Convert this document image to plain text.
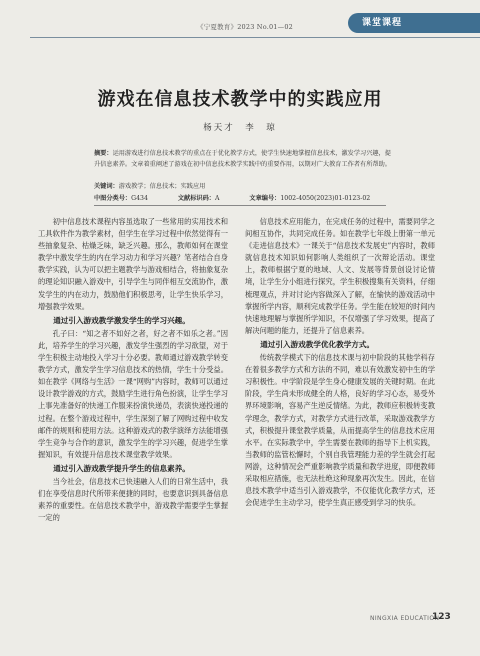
《宁夏教育》2023 No.01—02	课堂课程
游戏在信息技术教学中的实践应用
杨天才　李　琼
摘要：运用游戏进行信息技术教学的重点在于优化教学方式，使学生快速地掌握信息技术，激发学习兴趣，提升信息素养。文章着重阐述了游戏在初中信息技术教学实践中的重要作用，以期对广大教育工作者有所帮助。
关键词：游戏教学；信息技术；实践应用
中图分类号：G434	文献标识码：A	文章编号：1002-4050(2023)01-0123-02

初中信息技术课程内容虽选取了一些常用的实用技术和工具软件作为教学素材，但学生在学习过程中依然觉得有一些抽象复杂、枯燥乏味，缺乏兴趣。那么，教师如何在课堂教学中激发学生的内在学习动力和学习兴趣？笔者结合自身教学实践，认为可以把主题教学与游戏相结合，将抽象复杂的理论知识融入游戏中，引导学生与同伴相互交流协作，激发学生的内在动力，鼓励他们积极思考，让学生快乐学习，增强教学效果。

通过引入游戏教学激发学生的学习兴趣。

孔子曰：“知之者不如好之者，好之者不如乐之者。”因此，培养学生的学习兴趣，激发学生强烈的学习欲望，对于学生积极主动地投入学习十分必要。教师通过游戏教学转变教学方式，激发学生学习信息技术的热情，学生十分受益。如在教学《网络与生活》一课“网购”内容时，教师可以通过设计教学游戏的方式，鼓励学生进行角色扮演，让学生学习上事先准备好的快递工作服来扮演快递员，表演快递投递的过程。在整个游戏过程中，学生深刻了解了网购过程中收发邮件的规则和使用方法。这种游戏式的教学演绎方法能增强学生竞争与合作的意识，激发学生的学习兴趣，促进学生掌握知识，有效提升信息技术课堂教学效果。

通过引入游戏教学提升学生的信息素养。

当今社会，信息技术已快速融入人们的日常生活中，我们在享受信息时代所带来便捷的同时，也要意识到具备信息素养的重要性。在信息技术教学中，游戏教学需要学生掌握一定的

信息技术应用能力，在完成任务的过程中，需要同学之间相互协作，共同完成任务。如在教学七年级上册第一单元《走进信息技术》一课关于“信息技术发展史”内容时，教师就信息技术知识如何影响人类组织了一次辩论活动。课堂上，教师根据宁夏的地域、人文、发展等背景创设讨论情境，让学生分小组进行探究，学生积极搜集有关资料，仔细梳理观点，并对讨论内容做深入了解，在愉快的游戏活动中掌握所学内容，顺利完成教学任务。学生能在较短的时间内快速地理解与掌握所学知识，不仅增强了学习效果，提高了解决问题的能力，还提升了信息素养。

通过引入游戏教学优化教学方式。

传统教学模式下的信息技术课与初中阶段的其他学科存在着很多教学方式和方法的不同，难以有效激发初中生的学习积极性。中学阶段是学生身心健康发展的关键时期。在此阶段，学生尚未形成健全的人格，良好的学习心态，易受外界环境影响，容易产生逆反情绪。为此，教师应积极转变教学理念，教学方式，对教学方式进行改革，采取游戏教学方式，积极提升课堂教学质量，从而提高学生的信息技术应用水平。在实际教学中，学生需要在教师的指导下上机实践，当教师的监管松懈时，个别自我管理能力差的学生就会打起网游，这种情况会严重影响教学质量和教学进度，即便教师采取相应措施，也无法杜绝这种现象再次发生。因此，在信息技术教学中适当引入游戏教学，不仅能优化教学方式，还会促进学生主动学习，使学生真正感受到学习的快乐。

NINGXIA EDUCATION
123
